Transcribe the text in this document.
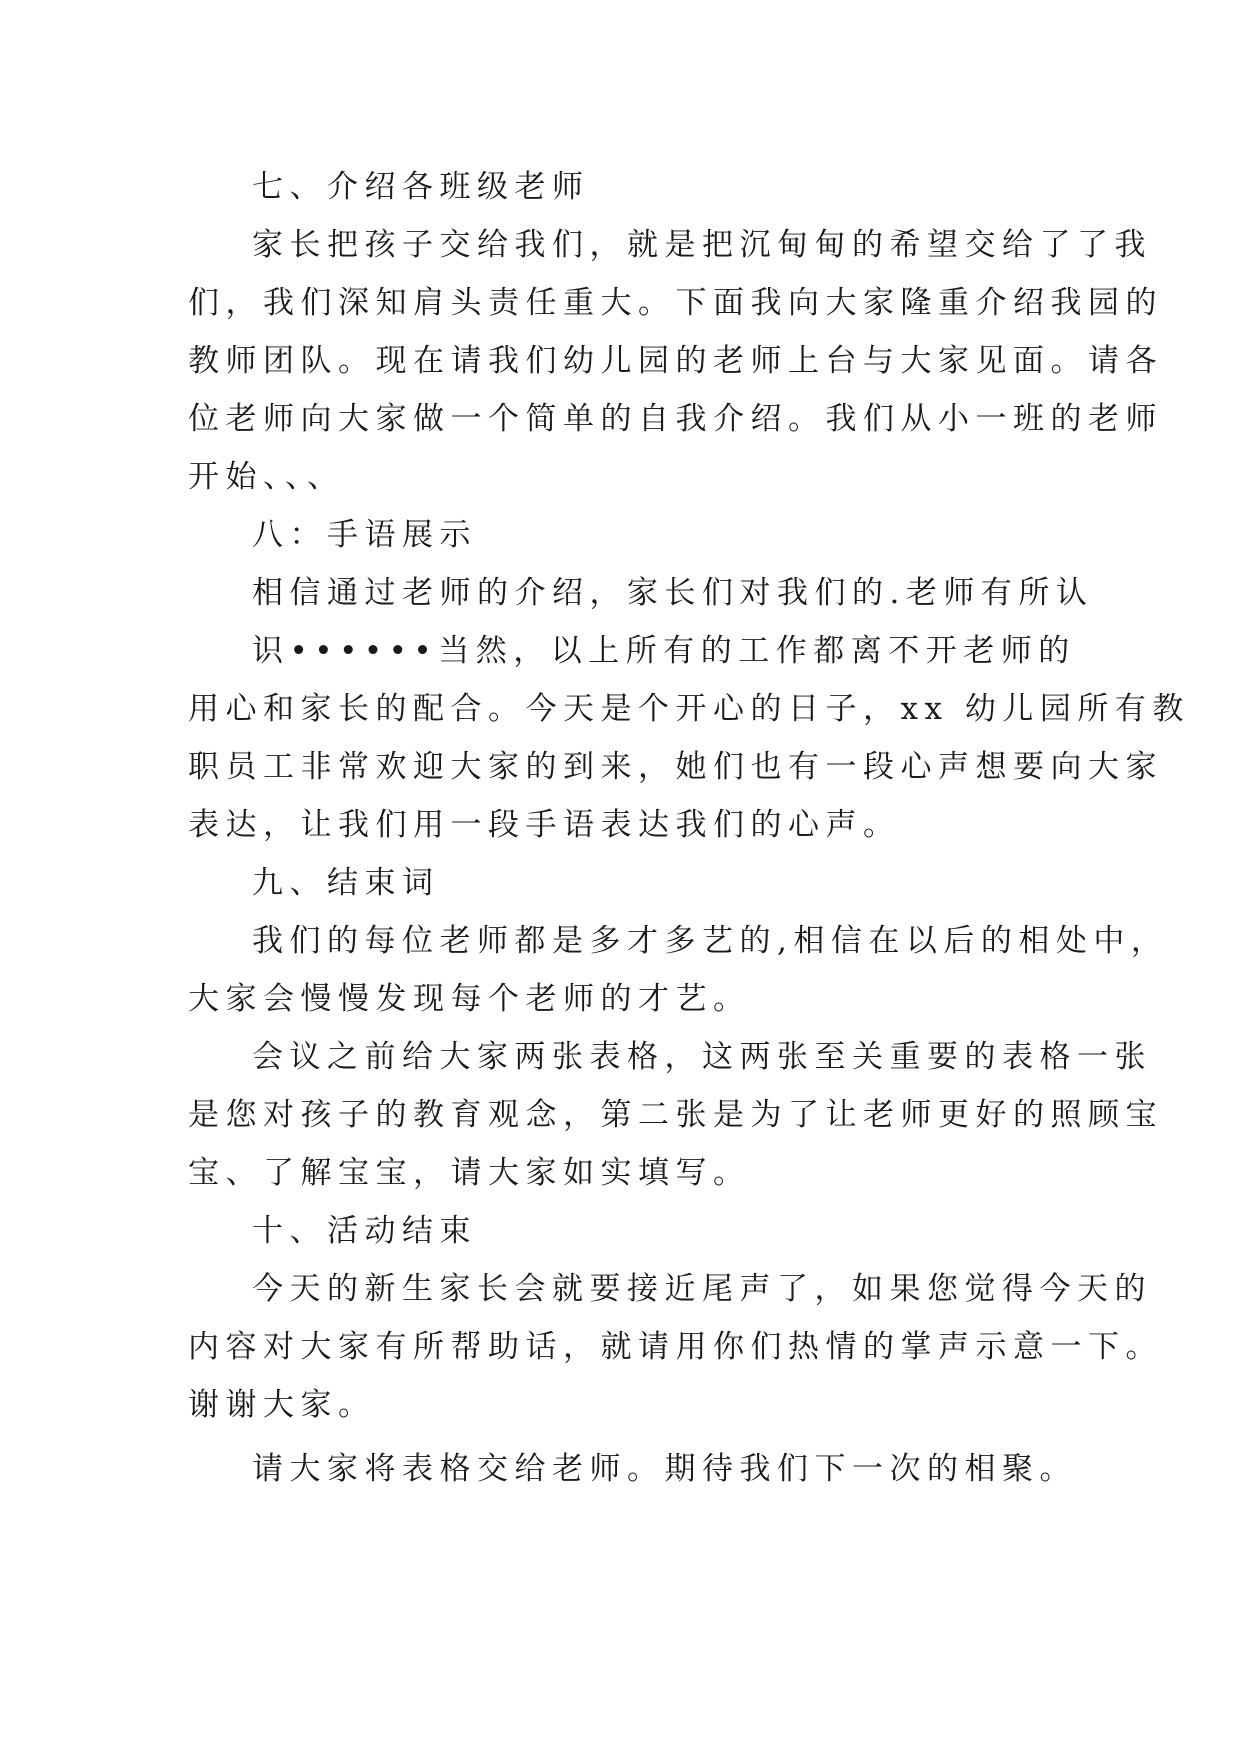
七、介绍各班级老师
家长把孩子交给我们，就是把沉甸甸的希望交给了了我
们，我们深知肩头责任重大。下面我向大家隆重介绍我园的
教师团队。现在请我们幼儿园的老师上台与大家见面。请各
位老师向大家做一个简单的自我介绍。我们从小一班的老师
开始、、、
八：手语展示
相信通过老师的介绍，家长们对我们的.老师有所认
识••••••当然，以上所有的工作都离不开老师的
用心和家长的配合。今天是个开心的日子，xx 幼儿园所有教
职员工非常欢迎大家的到来，她们也有一段心声想要向大家
表达，让我们用一段手语表达我们的心声。
九、结束词
我们的每位老师都是多才多艺的,相信在以后的相处中，
大家会慢慢发现每个老师的才艺。
会议之前给大家两张表格，这两张至关重要的表格一张
是您对孩子的教育观念，第二张是为了让老师更好的照顾宝
宝、了解宝宝，请大家如实填写。
十、活动结束
今天的新生家长会就要接近尾声了，如果您觉得今天的
内容对大家有所帮助话，就请用你们热情的掌声示意一下。
谢谢大家。
请大家将表格交给老师。期待我们下一次的相聚。
